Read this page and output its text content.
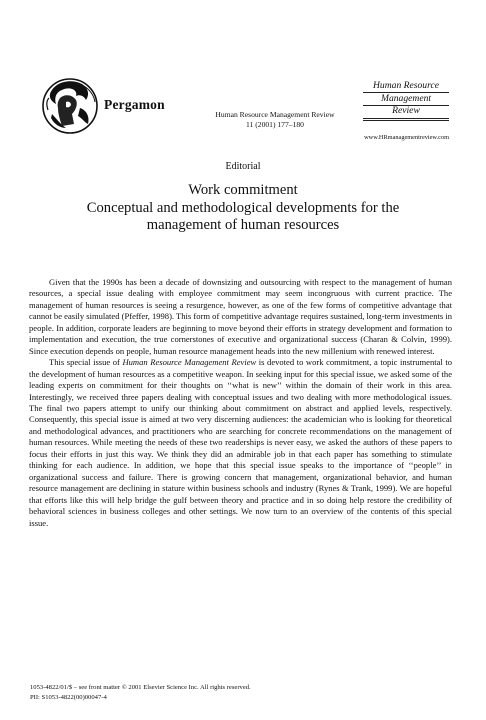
Pergamon
Human Resource Management Review
11 (2001) 177–180
Human Resource
Management
Review
www.HRmanagementreview.com
Editorial
Work commitment
Conceptual and methodological developments for the
management of human resources

Given that the 1990s has been a decade of downsizing and outsourcing with respect to the management of human resources, a special issue dealing with employee commitment may seem incongruous with current practice. The management of human resources is seeing a resurgence, however, as one of the few forms of competitive advantage that cannot be easily simulated (Pfeffer, 1998). This form of competitive advantage requires sustained, long-term investments in people. In addition, corporate leaders are beginning to move beyond their efforts in strategy development and formation to implementation and execution, the true cornerstones of executive and organizational success (Charan & Colvin, 1999). Since execution depends on people, human resource management heads into the new millenium with renewed interest.

This special issue of Human Resource Management Review is devoted to work commitment, a topic instrumental to the development of human resources as a competitive weapon. In seeking input for this special issue, we asked some of the leading experts on commitment for their thoughts on ‘‘what is new’’ within the domain of their work in this area. Interestingly, we received three papers dealing with conceptual issues and two dealing with more methodological issues. The final two papers attempt to unify our thinking about commitment on abstract and applied levels, respectively. Consequently, this special issue is aimed at two very discerning audiences: the academician who is looking for theoretical and methodological advances, and practitioners who are searching for concrete recommendations on the management of human resources. While meeting the needs of these two readerships is never easy, we asked the authors of these papers to focus their efforts in just this way. We think they did an admirable job in that each paper has something to stimulate thinking for each audience. In addition, we hope that this special issue speaks to the importance of ‘‘people’’ in organizational success and failure. There is growing concern that management, organizational behavior, and human resource management are declining in stature within business schools and industry (Rynes & Trank, 1999). We are hopeful that efforts like this will help bridge the gulf between theory and practice and in so doing help restore the credibility of behavioral sciences in business colleges and other settings. We now turn to an overview of the contents of this special issue.

1053-4822/01/$ – see front matter © 2001 Elsevier Science Inc. All rights reserved.
PII: S1053-4822(00)00047-4
